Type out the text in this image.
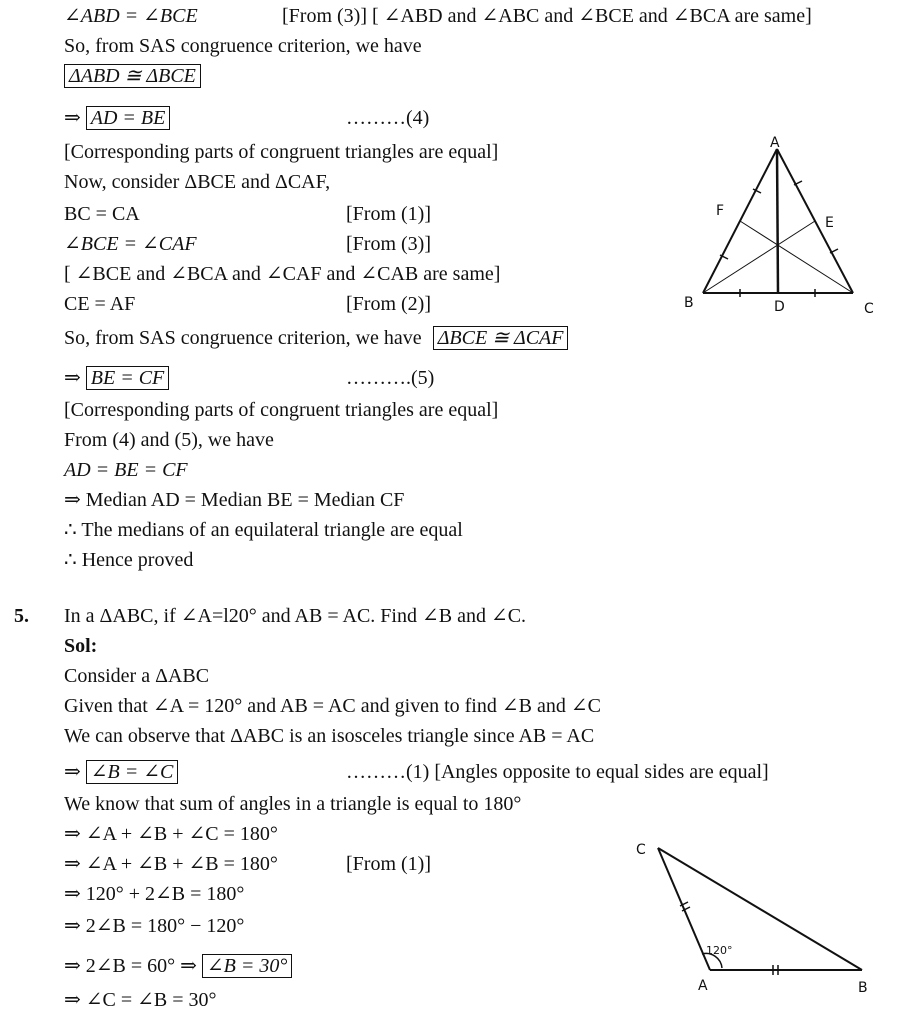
∠ABD = ∠BCE	[From (3)] [ ∠ABD and ∠ABC and ∠BCE and ∠BCA are same]
So, from SAS congruence criterion, we have
ΔABD ≅ ΔBCE
⇒ AD = BE	………(4)
[Corresponding parts of congruent triangles are equal]
Now, consider ΔBCE and ΔCAF,
BC = CA	[From (1)]
∠BCE = ∠CAF	[From (3)]
[ ∠BCE and ∠BCA and ∠CAF and ∠CAB are same]
CE = AF	[From (2)]
So, from SAS congruence criterion, we have ΔBCE ≅ ΔCAF
⇒ BE = CF	……….(5)
[Corresponding parts of congruent triangles are equal]
From (4) and (5), we have
AD = BE = CF
⇒ Median AD = Median BE = Median CF
∴ The medians of an equilateral triangle are equal
∴ Hence proved
A
B	C
D
E
F
5. In a ΔABC, if ∠A=l20° and AB = AC. Find ∠B and ∠C.
Sol:
Consider a ΔABC
Given that ∠A = 120° and AB = AC and given to find ∠B and ∠C
We can observe that ΔABC is an isosceles triangle since AB = AC
⇒ ∠B = ∠C	………(1) [Angles opposite to equal sides are equal]
We know that sum of angles in a triangle is equal to 180°
⇒ ∠A + ∠B + ∠C = 180°
⇒ ∠A + ∠B + ∠B = 180°	[From (1)]
⇒ 120° + 2∠B = 180°
⇒ 2∠B = 180° − 120°
⇒ 2∠B = 60° ⇒ ∠B = 30°
⇒ ∠C = ∠B = 30°
C
A	B
120°
